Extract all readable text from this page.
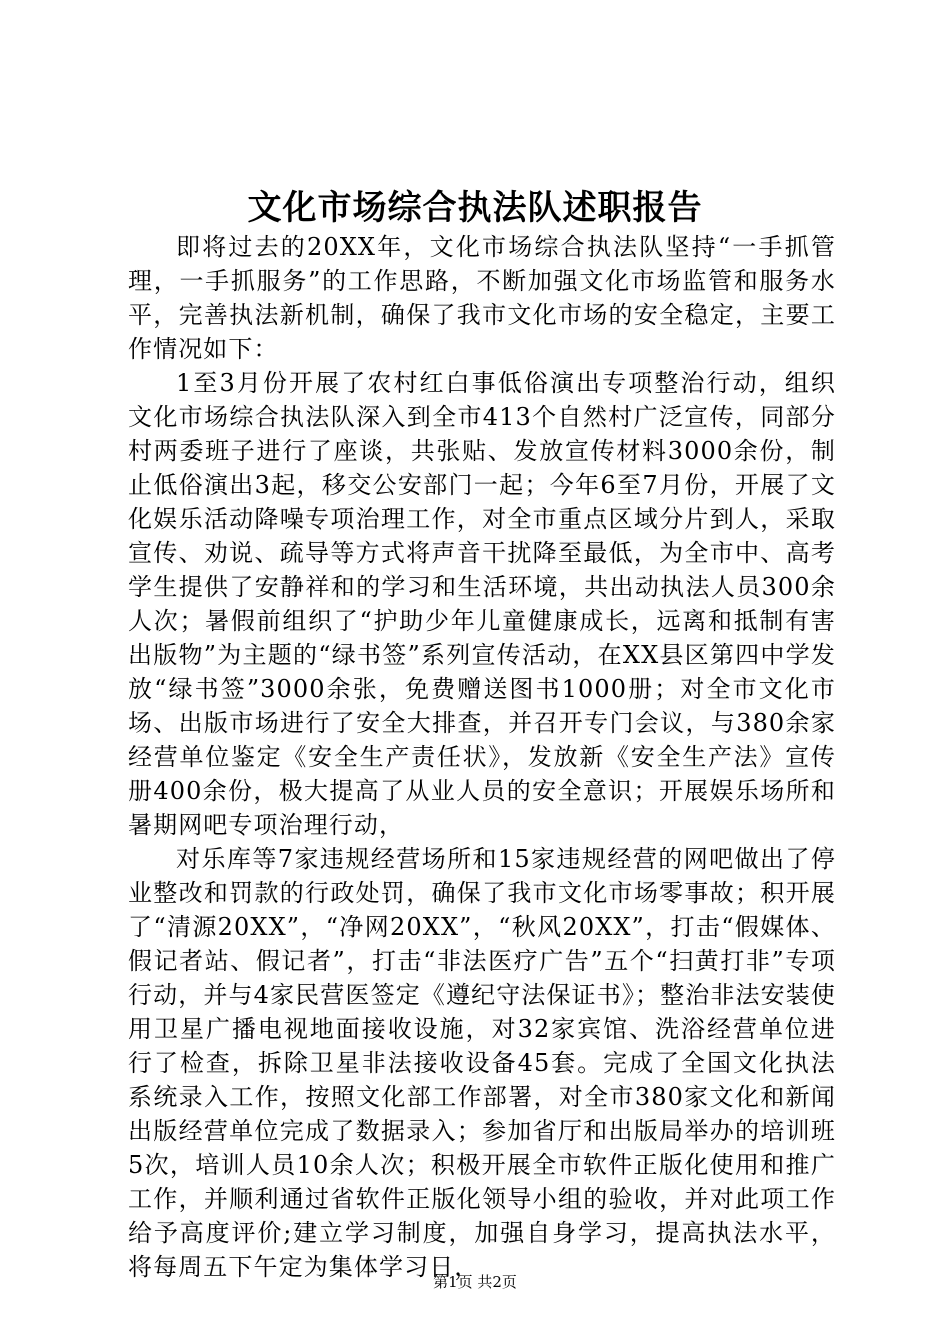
文化市场综合执法队述职报告

即将过去的20XX年，文化市场综合执法队坚持“一手抓管理，一手抓服务”的工作思路，不断加强文化市场监管和服务水平，完善执法新机制，确保了我市文化市场的安全稳定，主要工作情况如下：

1至3月份开展了农村红白事低俗演出专项整治行动，组织文化市场综合执法队深入到全市413个自然村广泛宣传，同部分村两委班子进行了座谈，共张贴、发放宣传材料3000余份，制止低俗演出3起，移交公安部门一起；今年6至7月份，开展了文化娱乐活动降噪专项治理工作，对全市重点区域分片到人，采取宣传、劝说、疏导等方式将声音干扰降至最低，为全市中、高考学生提供了安静祥和的学习和生活环境，共出动执法人员300余人次；暑假前组织了“护助少年儿童健康成长，远离和抵制有害出版物”为主题的“绿书签”系列宣传活动，在XX县区第四中学发放“绿书签”3000余张，免费赠送图书1000册；对全市文化市场、出版市场进行了安全大排查，并召开专门会议，与380余家经营单位鉴定《安全生产责任状》，发放新《安全生产法》宣传册400余份，极大提高了从业人员的安全意识；开展娱乐场所和暑期网吧专项治理行动，

对乐库等7家违规经营场所和15家违规经营的网吧做出了停业整改和罚款的行政处罚，确保了我市文化市场零事故；积开展了“清源20XX”，“净网20XX”，“秋风20XX”，打击“假媒体、假记者站、假记者”，打击“非法医疗广告”五个“扫黄打非”专项行动，并与4家民营医签定《遵纪守法保证书》；整治非法安装使用卫星广播电视地面接收设施，对32家宾馆、洗浴经营单位进行了检查，拆除卫星非法接收设备45套。完成了全国文化执法系统录入工作，按照文化部工作部署，对全市380家文化和新闻出版经营单位完成了数据录入；参加省厅和出版局举办的培训班5次，培训人员10余人次；积极开展全市软件正版化使用和推广工作，并顺利通过省软件正版化领导小组的验收，并对此项工作给予高度评价;建立学习制度，加强自身学习，提高执法水平，将每周五下午定为集体学习日，

第1页 共2页
